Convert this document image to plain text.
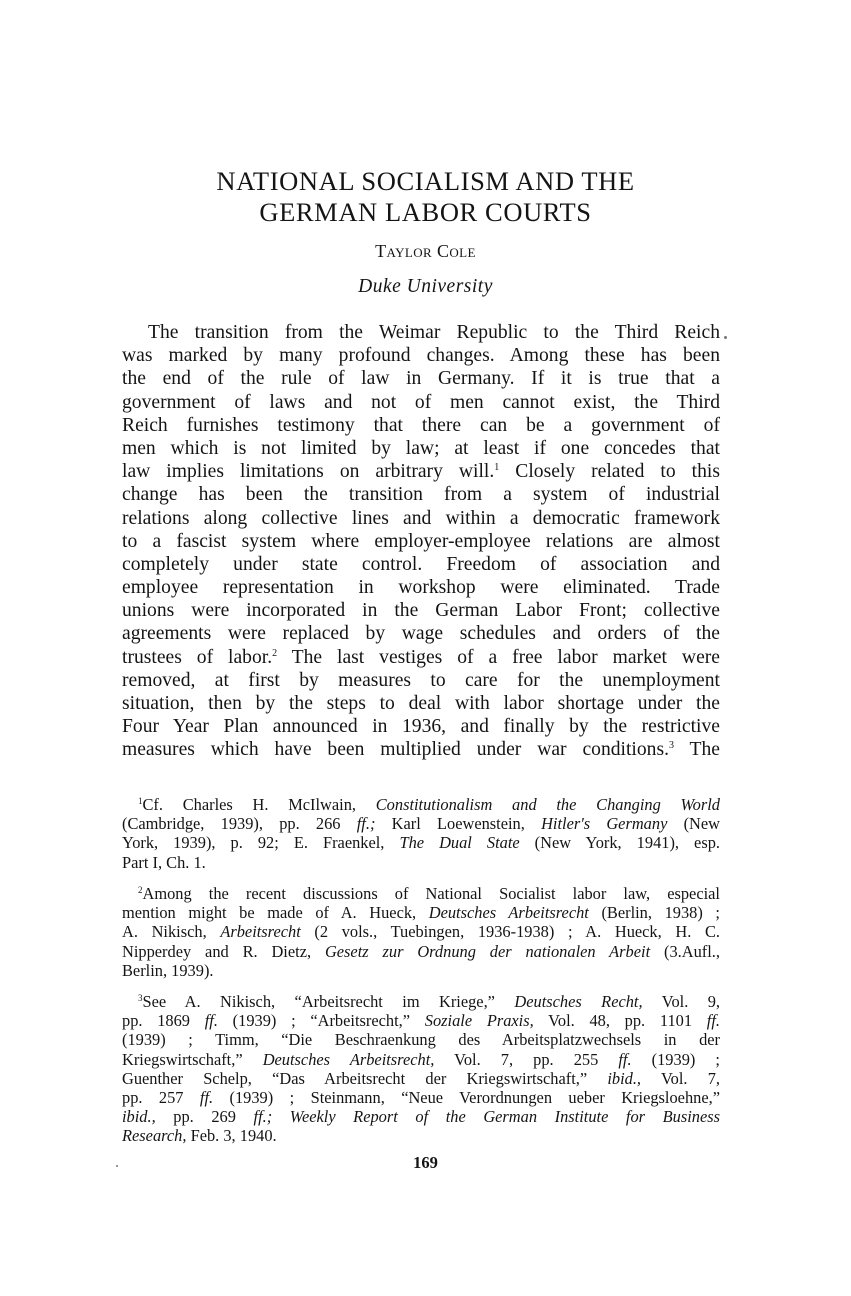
NATIONAL SOCIALISM AND THE
GERMAN LABOR COURTS
Taylor Cole
Duke University
The transition from the Weimar Republic to the Third Reich
was marked by many profound changes. Among these has been
the end of the rule of law in Germany. If it is true that a
government of laws and not of men cannot exist, the Third
Reich furnishes testimony that there can be a government of
men which is not limited by law; at least if one concedes that
law implies limitations on arbitrary will.$^1$ Closely related to this
change has been the transition from a system of industrial
relations along collective lines and within a democratic framework
to a fascist system where employer-employee relations are almost
completely under state control. Freedom of association and
employee representation in workshop were eliminated. Trade
unions were incorporated in the German Labor Front; collective
agreements were replaced by wage schedules and orders of the
trustees of labor.$^2$ The last vestiges of a free labor market were
removed, at first by measures to care for the unemployment
situation, then by the steps to deal with labor shortage under the
Four Year Plan announced in 1936, and finally by the restrictive
measures which have been multiplied under war conditions.$^3$ The
$^1$Cf. Charles H. McIlwain, Constitutionalism and the Changing World
(Cambridge, 1939), pp. 266 ff.; Karl Loewenstein, Hitler's Germany (New
York, 1939), p. 92; E. Fraenkel, The Dual State (New York, 1941), esp.
Part I, Ch. 1.
$^2$Among the recent discussions of National Socialist labor law, especial
mention might be made of A. Hueck, Deutsches Arbeitsrecht (Berlin, 1938) ;
A. Nikisch, Arbeitsrecht (2 vols., Tuebingen, 1936-1938) ; A. Hueck, H. C.
Nipperdey and R. Dietz, Gesetz zur Ordnung der nationalen Arbeit (3.Aufl.,
Berlin, 1939).
$^3$See A. Nikisch, “Arbeitsrecht im Kriege,” Deutsches Recht, Vol. 9,
pp. 1869 ff. (1939) ; “Arbeitsrecht,” Soziale Praxis, Vol. 48, pp. 1101 ff.
(1939) ; Timm, “Die Beschraenkung des Arbeitsplatzwechsels in der
Kriegswirtschaft,” Deutsches Arbeitsrecht, Vol. 7, pp. 255 ff. (1939) ;
Guenther Schelp, “Das Arbeitsrecht der Kriegswirtschaft,” ibid., Vol. 7,
pp. 257 ff. (1939) ; Steinmann, “Neue Verordnungen ueber Kriegsloehne,”
ibid., pp. 269 ff.; Weekly Report of the German Institute for Business
Research, Feb. 3, 1940.
169
